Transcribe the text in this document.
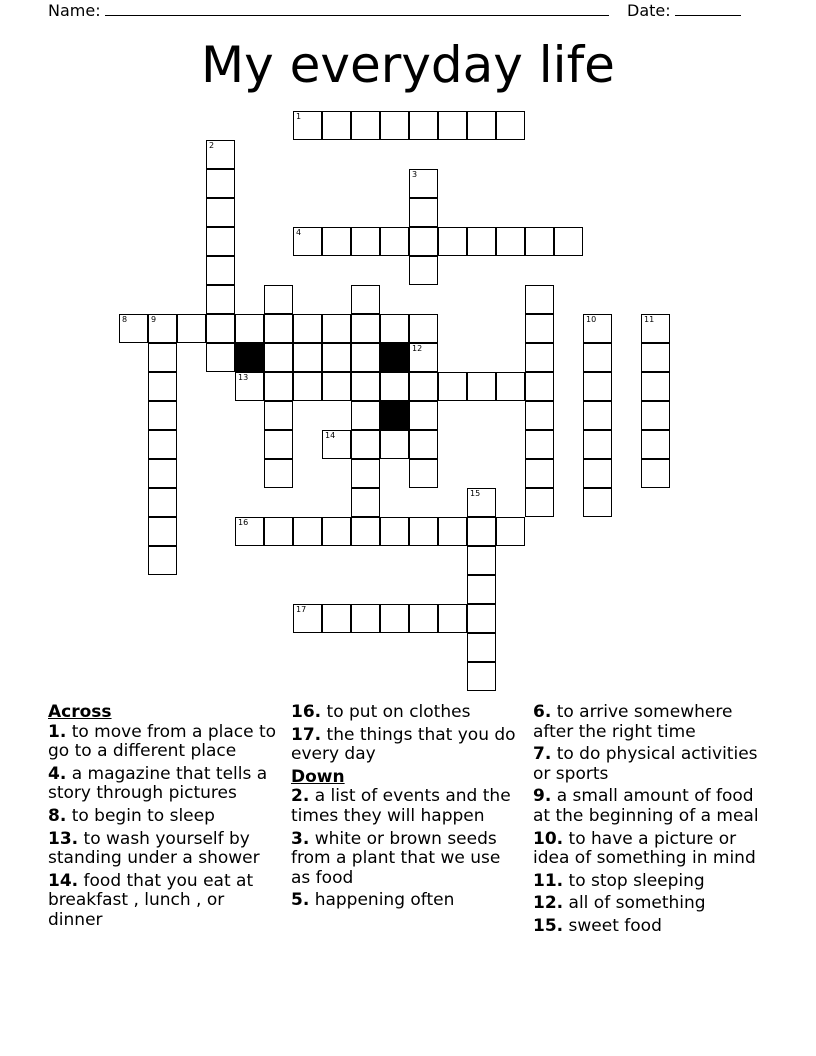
Name:	Date:
My everyday life
1
2
3
4
8	9	10	11
12
13
14
15
16
17
Across
1. to move from a place to go to a different place
4. a magazine that tells a story through pictures
8. to begin to sleep
13. to wash yourself by standing under a shower
14. food that you eat at breakfast , lunch , or dinner
16. to put on clothes
17. the things that you do every day
Down
2. a list of events and the times they will happen
3. white or brown seeds from a plant that we use as food
5. happening often
6. to arrive somewhere after the right time
7. to do physical activities or sports
9. a small amount of food at the beginning of a meal
10. to have a picture or idea of something in mind
11. to stop sleeping
12. all of something
15. sweet food
